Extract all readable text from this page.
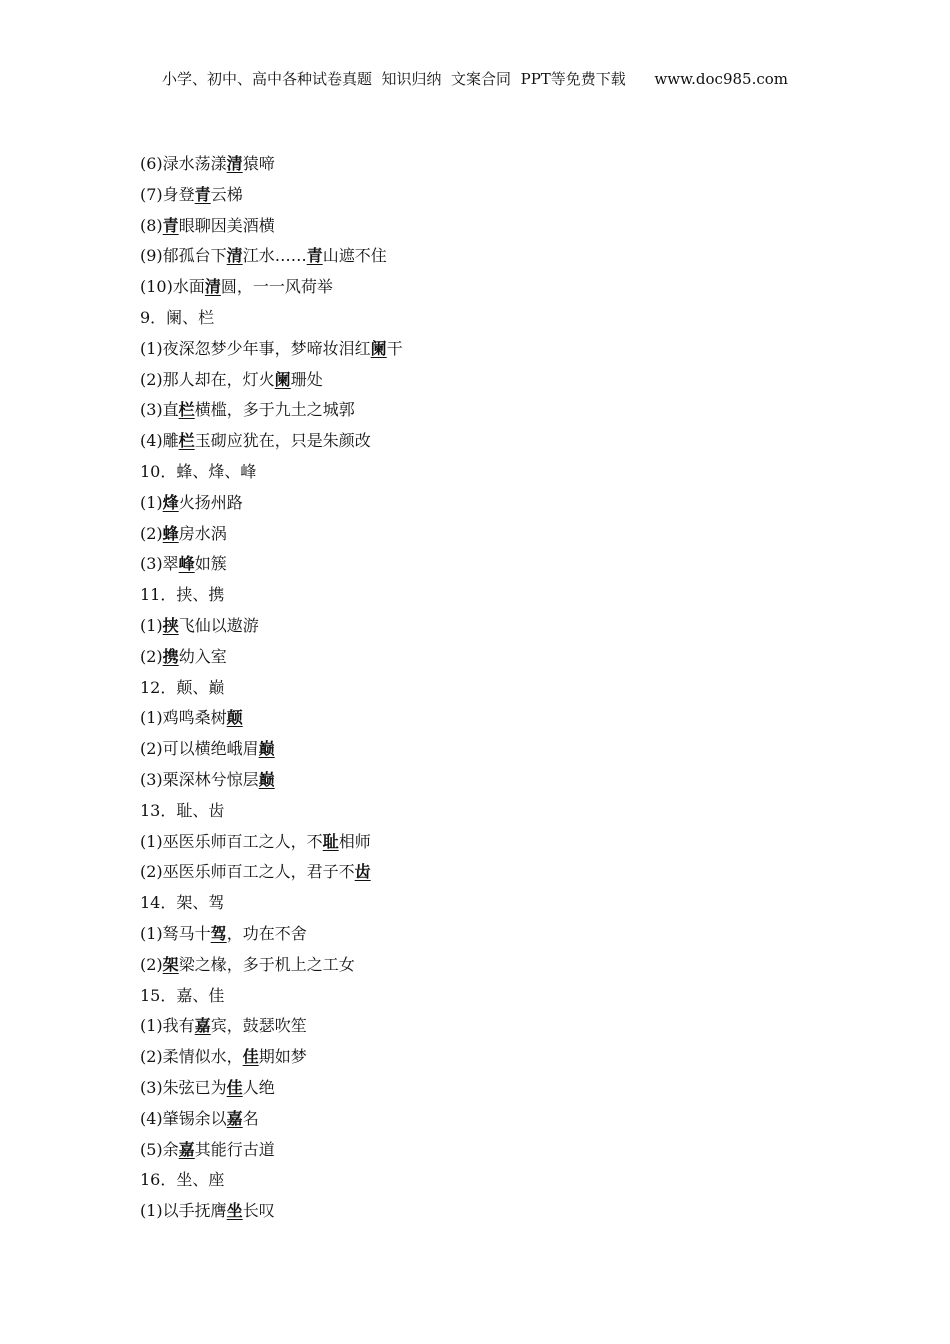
小学、初中、高中各种试卷真题  知识归纳  文案合同  PPT等免费下载 www.doc985.com
(6)渌水荡漾清猿啼
(7)身登青云梯
(8)青眼聊因美酒横
(9)郁孤台下清江水……青山遮不住
(10)水面清圆，一一风荷举
9．阑、栏
(1)夜深忽梦少年事，梦啼妆泪红阑干
(2)那人却在，灯火阑珊处
(3)直栏横槛，多于九土之城郭
(4)雕栏玉砌应犹在，只是朱颜改
10．蜂、烽、峰
(1)烽火扬州路
(2)蜂房水涡
(3)翠峰如簇
11．挟、携
(1)挟飞仙以遨游
(2)携幼入室
12．颠、巅
(1)鸡鸣桑树颠
(2)可以横绝峨眉巅
(3)栗深林兮惊层巅
13．耻、齿
(1)巫医乐师百工之人，不耻相师
(2)巫医乐师百工之人，君子不齿
14．架、驾
(1)驽马十驾，功在不舍
(2)架梁之椽，多于机上之工女
15．嘉、佳
(1)我有嘉宾，鼓瑟吹笙
(2)柔情似水，佳期如梦
(3)朱弦已为佳人绝
(4)肇锡余以嘉名
(5)余嘉其能行古道
16．坐、座
(1)以手抚膺坐长叹
